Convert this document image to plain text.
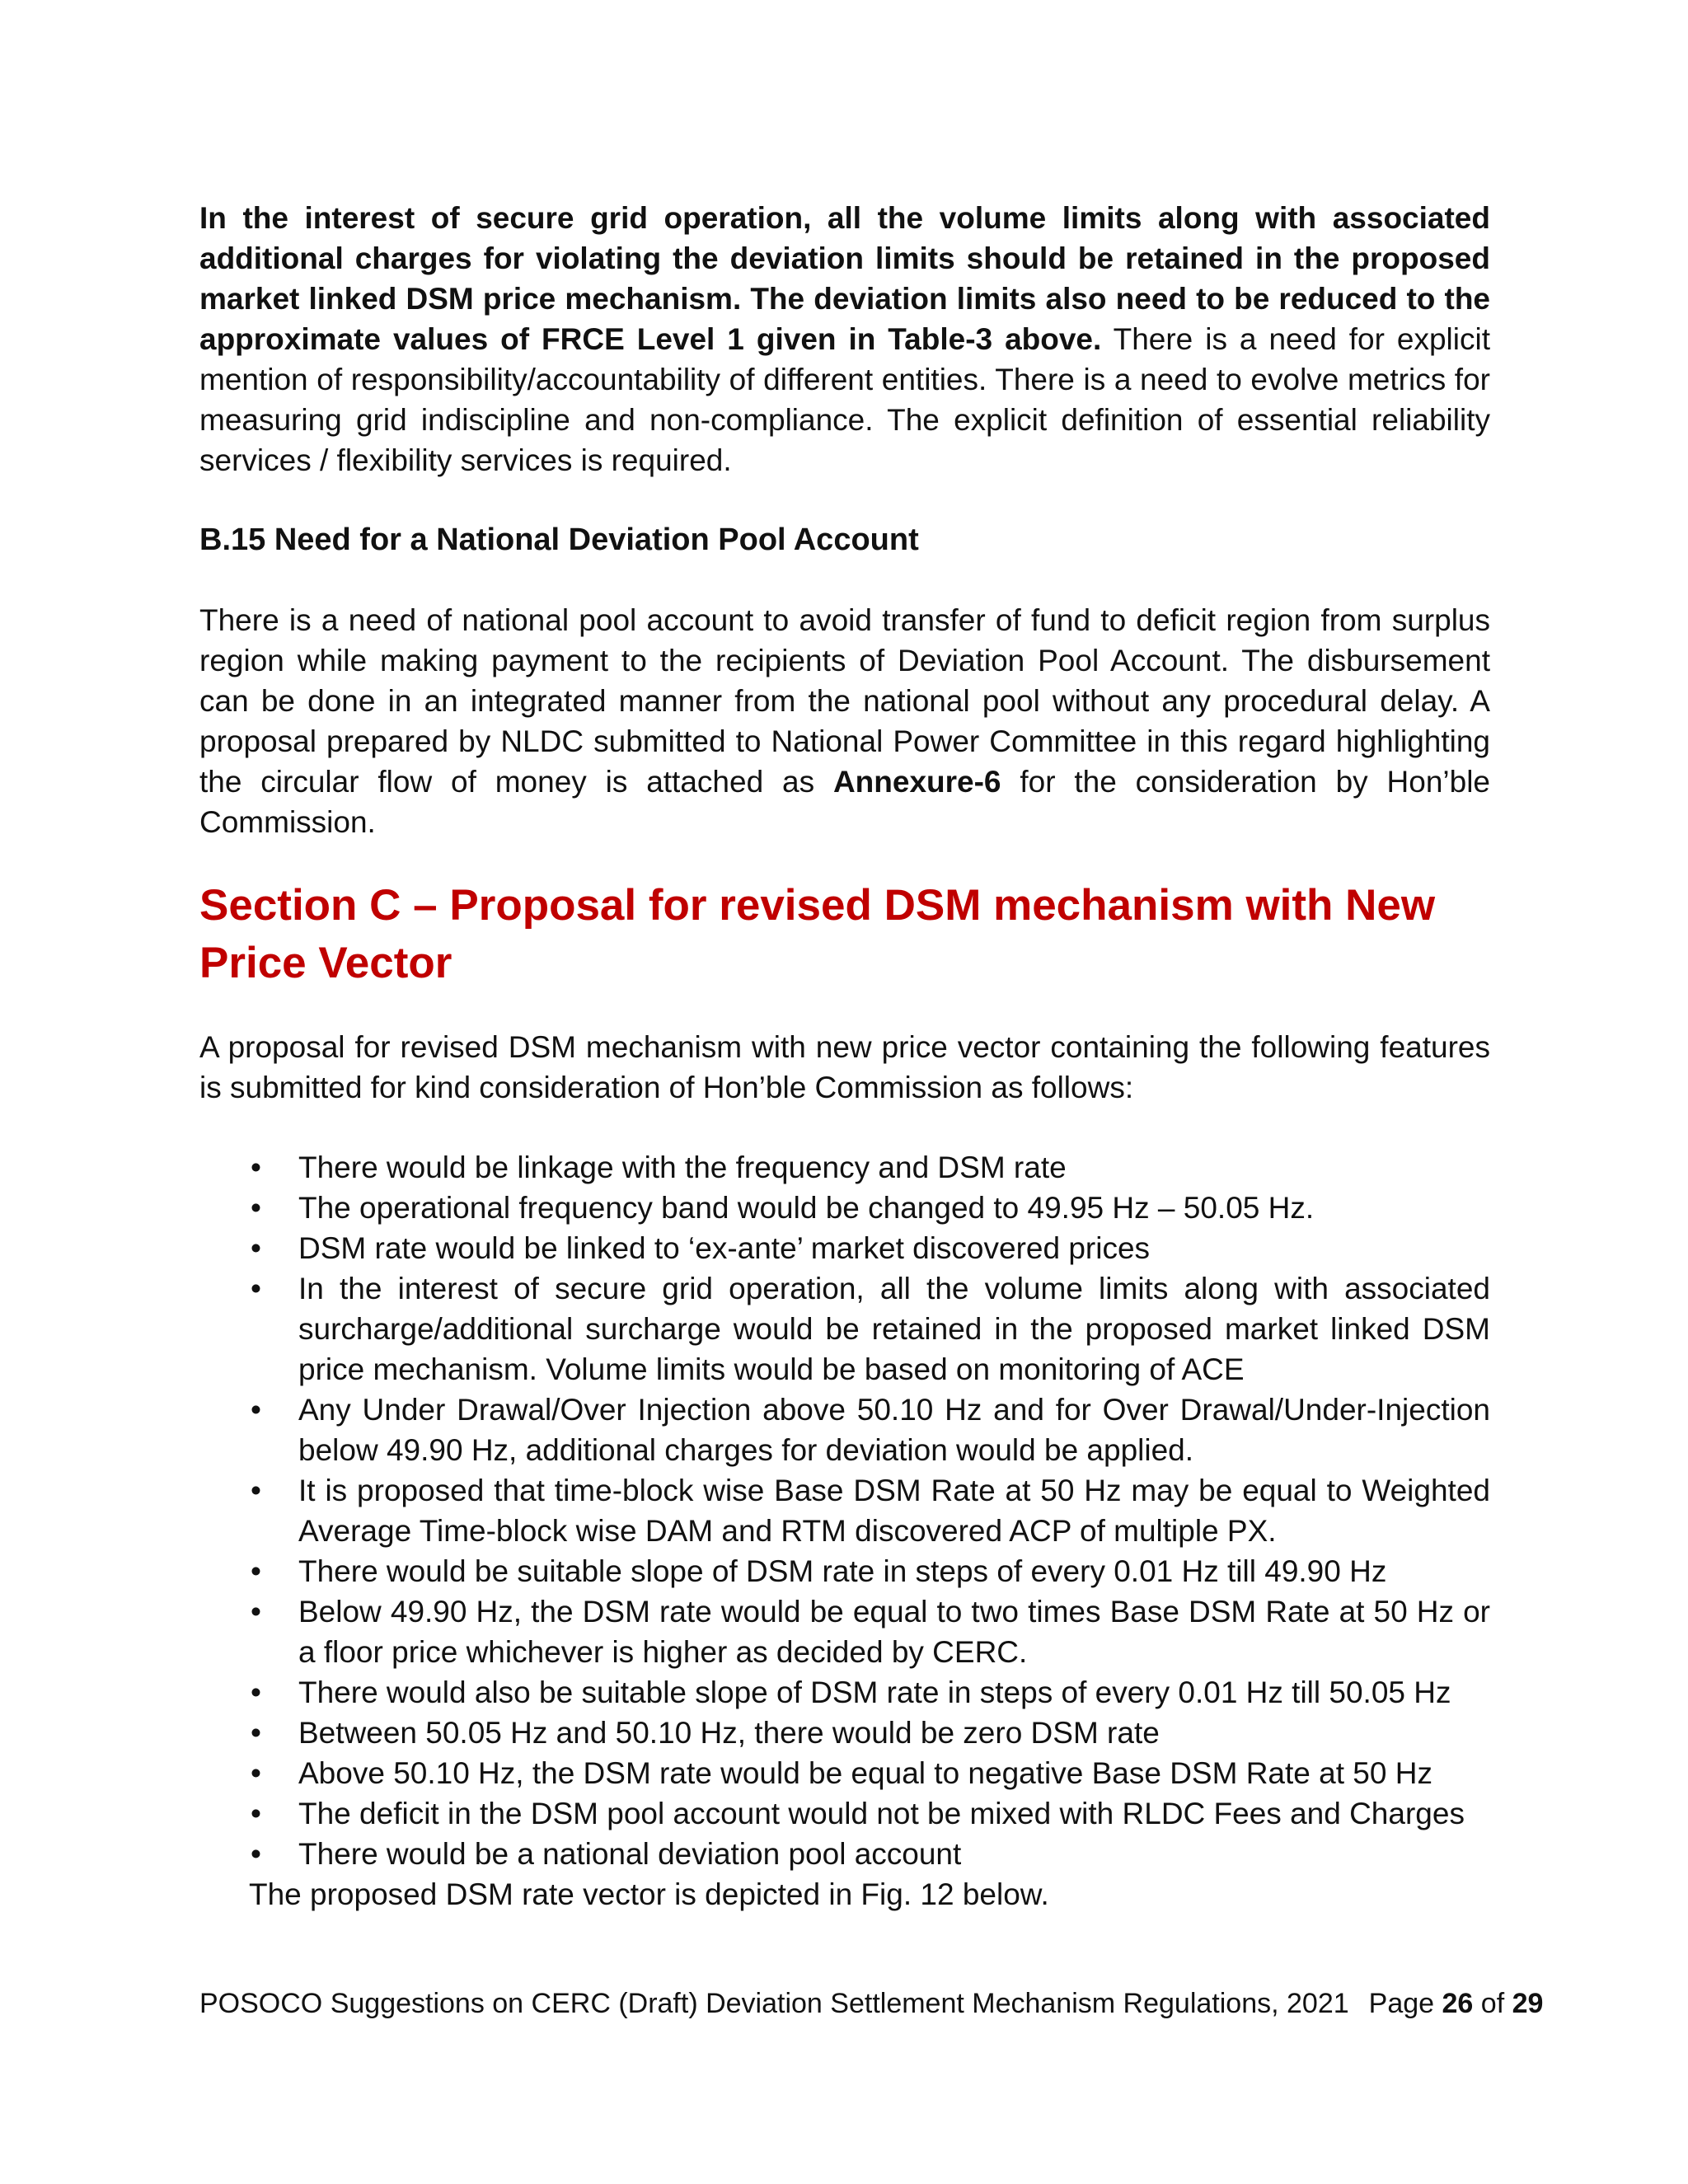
In the interest of secure grid operation, all the volume limits along with associated additional charges for violating the deviation limits should be retained in the proposed market linked DSM price mechanism. The deviation limits also need to be reduced to the approximate values of FRCE Level 1 given in Table-3 above. There is a need for explicit mention of responsibility/accountability of different entities. There is a need to evolve metrics for measuring grid indiscipline and non-compliance. The explicit definition of essential reliability services / flexibility services is required.

B.15 Need for a National Deviation Pool Account

There is a need of national pool account to avoid transfer of fund to deficit region from surplus region while making payment to the recipients of Deviation Pool Account. The disbursement can be done in an integrated manner from the national pool without any procedural delay. A proposal prepared by NLDC submitted to National Power Committee in this regard highlighting the circular flow of money is attached as Annexure-6 for the consideration by Hon’ble Commission.

Section C – Proposal for revised DSM mechanism with New Price Vector

A proposal for revised DSM mechanism with new price vector containing the following features is submitted for kind consideration of Hon’ble Commission as follows:

• There would be linkage with the frequency and DSM rate
• The operational frequency band would be changed to 49.95 Hz – 50.05 Hz.
• DSM rate would be linked to ‘ex-ante’ market discovered prices
• In the interest of secure grid operation, all the volume limits along with associated surcharge/additional surcharge would be retained in the proposed market linked DSM price mechanism. Volume limits would be based on monitoring of ACE
• Any Under Drawal/Over Injection above 50.10 Hz and for Over Drawal/Under-Injection below 49.90 Hz, additional charges for deviation would be applied.
• It is proposed that time-block wise Base DSM Rate at 50 Hz may be equal to Weighted Average Time-block wise DAM and RTM discovered ACP of multiple PX.
• There would be suitable slope of DSM rate in steps of every 0.01 Hz till 49.90 Hz
• Below 49.90 Hz, the DSM rate would be equal to two times Base DSM Rate at 50 Hz or a floor price whichever is higher as decided by CERC.
• There would also be suitable slope of DSM rate in steps of every 0.01 Hz till 50.05 Hz
• Between 50.05 Hz and 50.10 Hz, there would be zero DSM rate
• Above 50.10 Hz, the DSM rate would be equal to negative Base DSM Rate at 50 Hz
• The deficit in the DSM pool account would not be mixed with RLDC Fees and Charges
• There would be a national deviation pool account

The proposed DSM rate vector is depicted in Fig. 12 below.

POSOCO Suggestions on CERC (Draft) Deviation Settlement Mechanism Regulations, 2021 Page 26 of 29
